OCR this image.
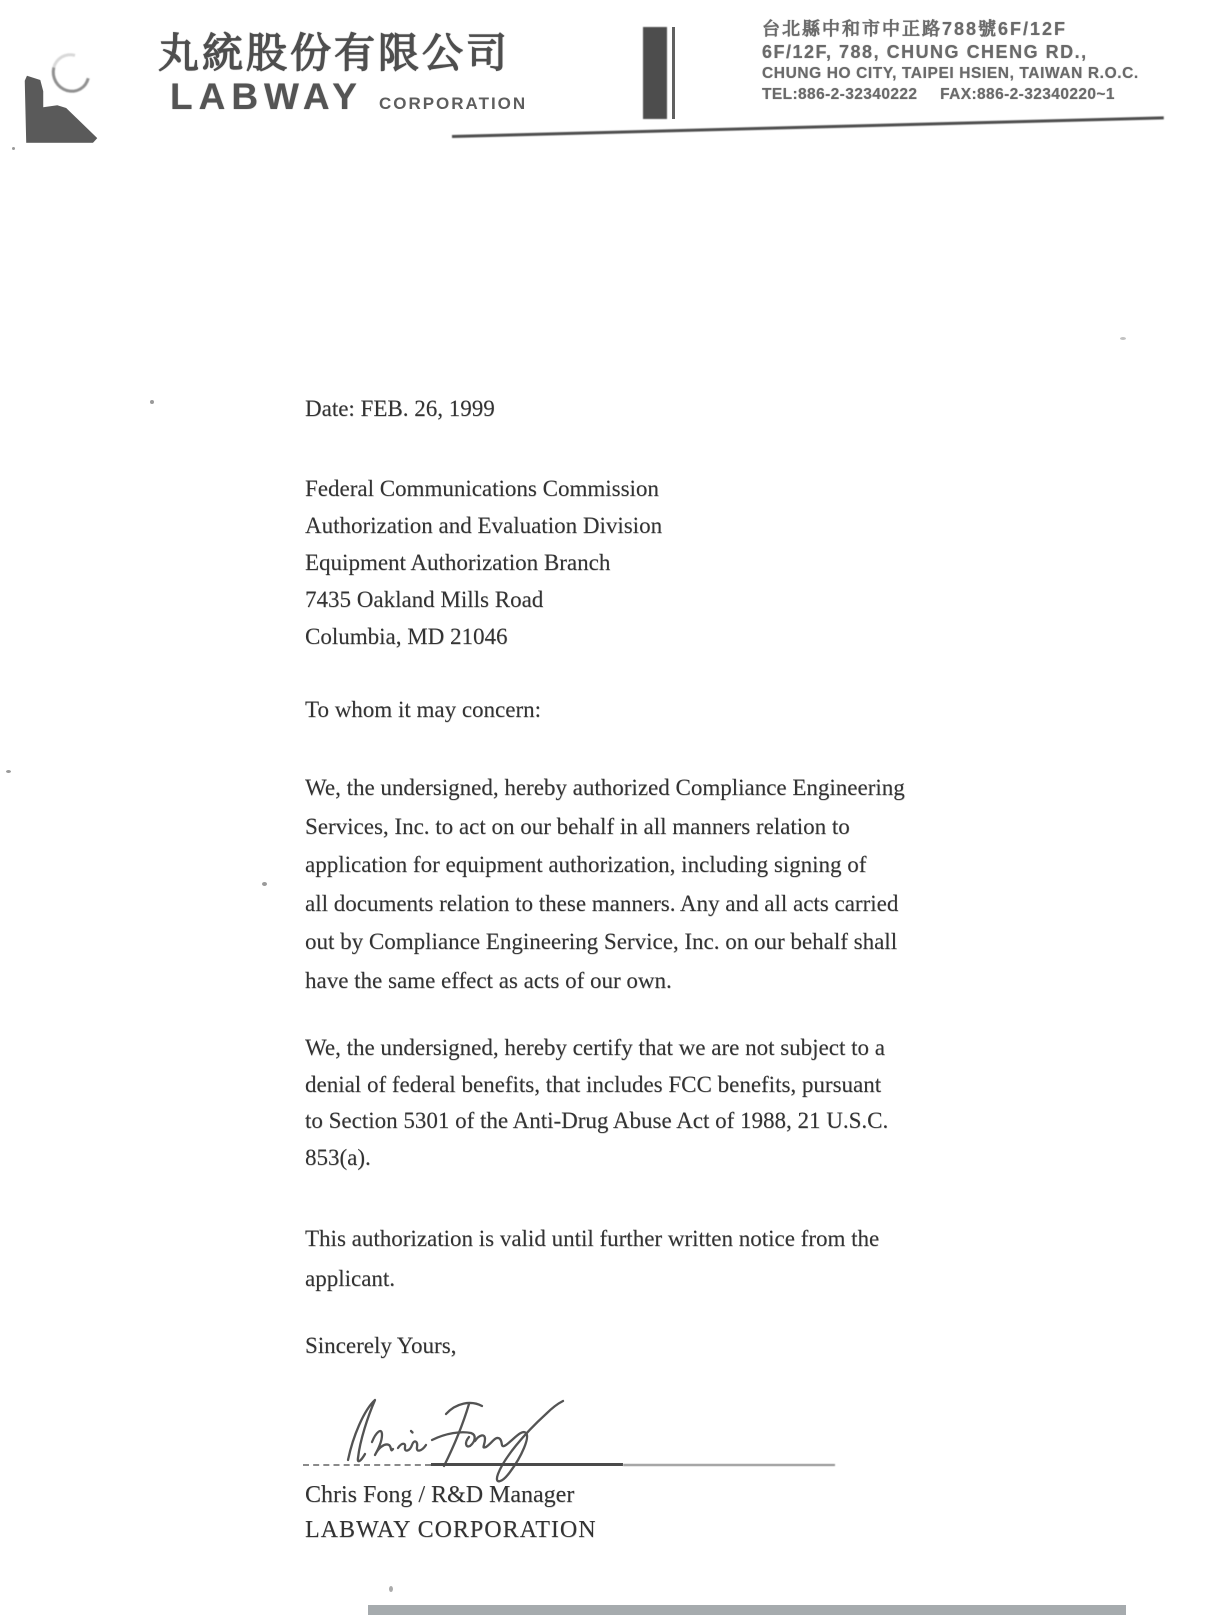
丸統股份有限公司
LABWAY CORPORATION
台北縣中和市中正路788號6F/12F
6F/12F, 788, CHUNG CHENG RD.,
CHUNG HO CITY, TAIPEI HSIEN, TAIWAN R.O.C.
TEL:886-2-32340222 FAX:886-2-32340220~1
Date: FEB. 26, 1999
Federal Communications Commission
Authorization and Evaluation Division
Equipment Authorization Branch
7435 Oakland Mills Road
Columbia, MD 21046
To whom it may concern:
We, the undersigned, hereby authorized Compliance Engineering
Services, Inc. to act on our behalf in all manners relation to
application for equipment authorization, including signing of
all documents relation to these manners. Any and all acts carried
out by Compliance Engineering Service, Inc. on our behalf shall
have the same effect as acts of our own.
We, the undersigned, hereby certify that we are not subject to a
denial of federal benefits, that includes FCC benefits, pursuant
to Section 5301 of the Anti-Drug Abuse Act of 1988, 21 U.S.C.
853(a).
This authorization is valid until further written notice from the
applicant.
Sincerely Yours,
Chris Fong / R&D Manager
LABWAY CORPORATION
